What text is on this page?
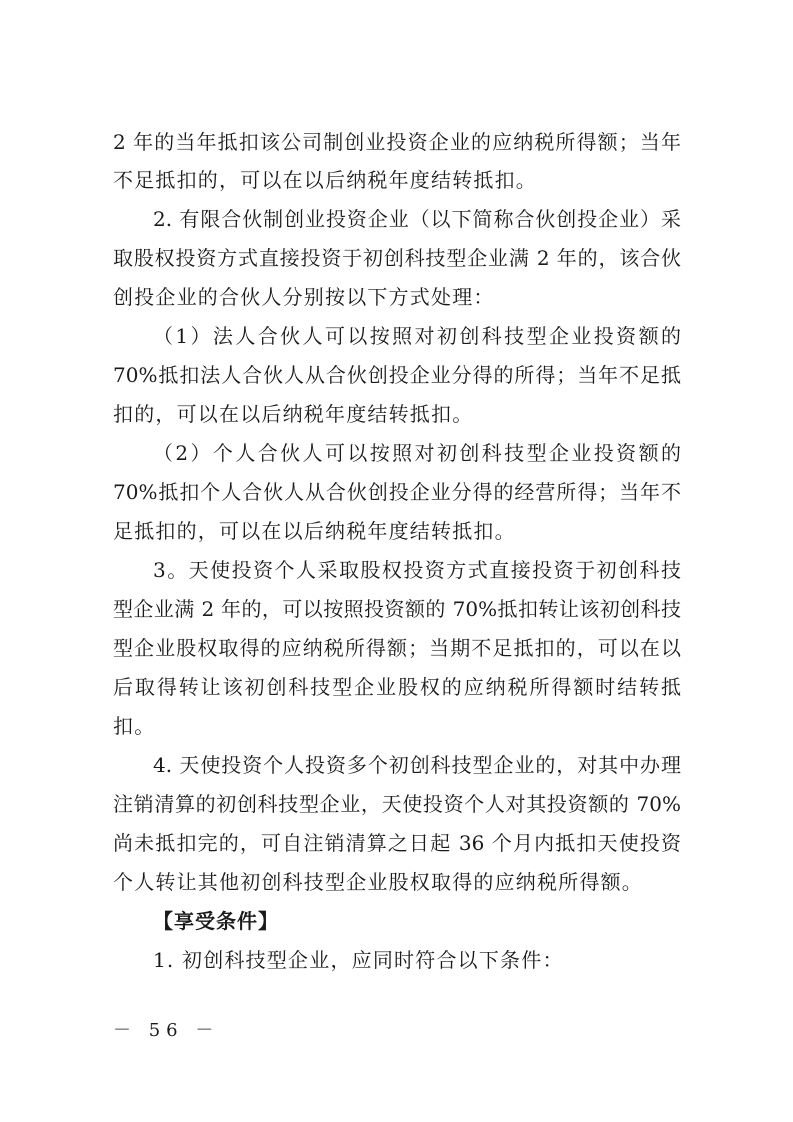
2 年的当年抵扣该公司制创业投资企业的应纳税所得额；当年
不足抵扣的，可以在以后纳税年度结转抵扣。
2. 有限合伙制创业投资企业（以下简称合伙创投企业）采
取股权投资方式直接投资于初创科技型企业满 2 年的，该合伙
创投企业的合伙人分别按以下方式处理：
（1）法人合伙人可以按照对初创科技型企业投资额的
70%抵扣法人合伙人从合伙创投企业分得的所得；当年不足抵
扣的，可以在以后纳税年度结转抵扣。
（2）个人合伙人可以按照对初创科技型企业投资额的
70%抵扣个人合伙人从合伙创投企业分得的经营所得；当年不
足抵扣的，可以在以后纳税年度结转抵扣。
3。天使投资个人采取股权投资方式直接投资于初创科技
型企业满 2 年的，可以按照投资额的 70%抵扣转让该初创科技
型企业股权取得的应纳税所得额；当期不足抵扣的，可以在以
后取得转让该初创科技型企业股权的应纳税所得额时结转抵
扣。
4. 天使投资个人投资多个初创科技型企业的，对其中办理
注销清算的初创科技型企业，天使投资个人对其投资额的 70%
尚未抵扣完的，可自注销清算之日起 36 个月内抵扣天使投资
个人转让其他初创科技型企业股权取得的应纳税所得额。
【享受条件】
1. 初创科技型企业，应同时符合以下条件：
－ 56 －
